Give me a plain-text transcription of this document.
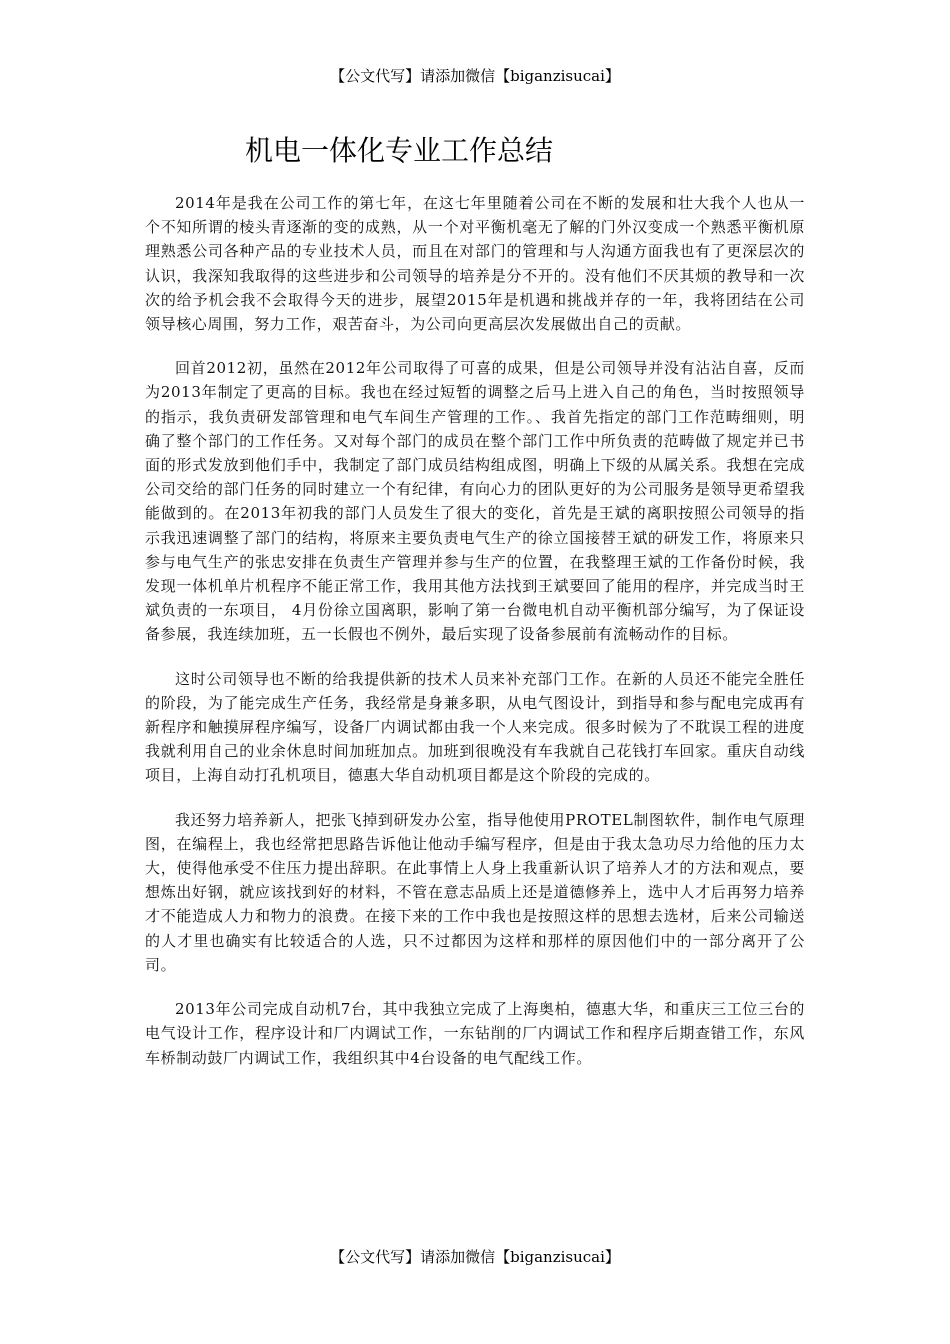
【公文代写】请添加微信【biganzisucai】
机电一体化专业工作总结

2014年是我在公司工作的第七年，在这七年里随着公司在不断的发展和壮大我个人也从一个不知所谓的棱头青逐渐的变的成熟，从一个对平衡机毫无了解的门外汉变成一个熟悉平衡机原理熟悉公司各种产品的专业技术人员，而且在对部门的管理和与人沟通方面我也有了更深层次的认识，我深知我取得的这些进步和公司领导的培养是分不开的。没有他们不厌其烦的教导和一次次的给予机会我不会取得今天的进步，展望2015年是机遇和挑战并存的一年，我将团结在公司领导核心周围，努力工作，艰苦奋斗，为公司向更高层次发展做出自己的贡献。

回首2012初，虽然在2012年公司取得了可喜的成果，但是公司领导并没有沾沾自喜，反而为2013年制定了更高的目标。我也在经过短暂的调整之后马上进入自己的角色，当时按照领导的指示，我负责研发部管理和电气车间生产管理的工作。、我首先指定的部门工作范畴细则，明确了整个部门的工作任务。又对每个部门的成员在整个部门工作中所负责的范畴做了规定并已书面的形式发放到他们手中，我制定了部门成员结构组成图，明确上下级的从属关系。我想在完成公司交给的部门任务的同时建立一个有纪律，有向心力的团队更好的为公司服务是领导更希望我能做到的。在2013年初我的部门人员发生了很大的变化，首先是王斌的离职按照公司领导的指示我迅速调整了部门的结构，将原来主要负责电气生产的徐立国接替王斌的研发工作，将原来只参与电气生产的张忠安排在负责生产管理并参与生产的位置，在我整理王斌的工作备份时候，我发现一体机单片机程序不能正常工作，我用其他方法找到王斌要回了能用的程序，并完成当时王斌负责的一东项目， 4月份徐立国离职，影响了第一台微电机自动平衡机部分编写，为了保证设备参展，我连续加班，五一长假也不例外，最后实现了设备参展前有流畅动作的目标。

这时公司领导也不断的给我提供新的技术人员来补充部门工作。在新的人员还不能完全胜任的阶段，为了能完成生产任务，我经常是身兼多职，从电气图设计，到指导和参与配电完成再有新程序和触摸屏程序编写，设备厂内调试都由我一个人来完成。很多时候为了不耽误工程的进度我就利用自己的业余休息时间加班加点。加班到很晚没有车我就自己花钱打车回家。重庆自动线项目，上海自动打孔机项目，德惠大华自动机项目都是这个阶段的完成的。

我还努力培养新人，把张飞掉到研发办公室，指导他使用PROTEL制图软件，制作电气原理图，在编程上，我也经常把思路告诉他让他动手编写程序，但是由于我太急功尽力给他的压力太大，使得他承受不住压力提出辞职。在此事情上人身上我重新认识了培养人才的方法和观点，要想炼出好钢，就应该找到好的材料，不管在意志品质上还是道德修养上，选中人才后再努力培养才不能造成人力和物力的浪费。在接下来的工作中我也是按照这样的思想去选材，后来公司输送的人才里也确实有比较适合的人选，只不过都因为这样和那样的原因他们中的一部分离开了公司。

2013年公司完成自动机7台，其中我独立完成了上海奥柏，德惠大华，和重庆三工位三台的电气设计工作，程序设计和厂内调试工作，一东钻削的厂内调试工作和程序后期查错工作，东风车桥制动鼓厂内调试工作，我组织其中4台设备的电气配线工作。

【公文代写】请添加微信【biganzisucai】
